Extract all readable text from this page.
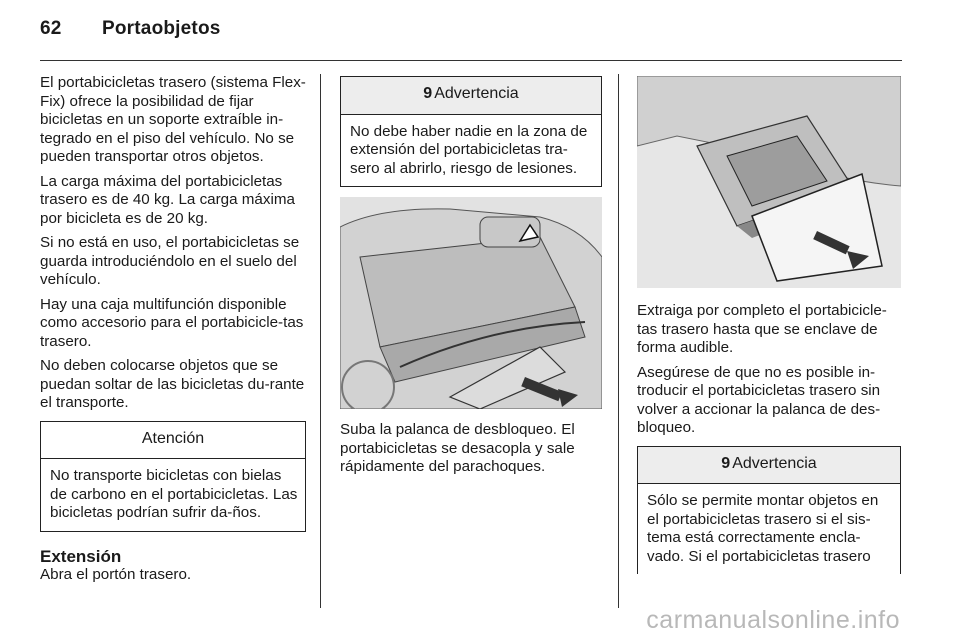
62 Portaobjetos

El portabicicletas trasero (sistema Flex-Fix) ofrece la posibilidad de fijar bicicletas en un soporte extraíble in-tegrado en el piso del vehículo. No se pueden transportar otros objetos.

La carga máxima del portabicicletas trasero es de 40 kg. La carga máxima por bicicleta es de 20 kg.

Si no está en uso, el portabicicletas se guarda introduciéndolo en el suelo del vehículo.

Hay una caja multifunción disponible como accesorio para el portabicicle-tas trasero.

No deben colocarse objetos que se puedan soltar de las bicicletas du-rante el transporte.

Atención
No transporte bicicletas con bielas de carbono en el portabicicletas. Las bicicletas podrían sufrir da-ños.
Extensión
Abra el portón trasero.
9 Advertencia
No debe haber nadie en la zona de extensión del portabicicletas tra-sero al abrirlo, riesgo de lesiones.

Suba la palanca de desbloqueo. El portabicicletas se desacopla y sale rápidamente del parachoques.

Extraiga por completo el portabicicle-tas trasero hasta que se enclave de forma audible.

Asegúrese de que no es posible in-troducir el portabicicletas trasero sin volver a accionar la palanca de des-bloqueo.

9 Advertencia
Sólo se permite montar objetos en el portabicicletas trasero si el sis-tema está correctamente encla-vado. Si el portabicicletas trasero
carmanualsonline.info
